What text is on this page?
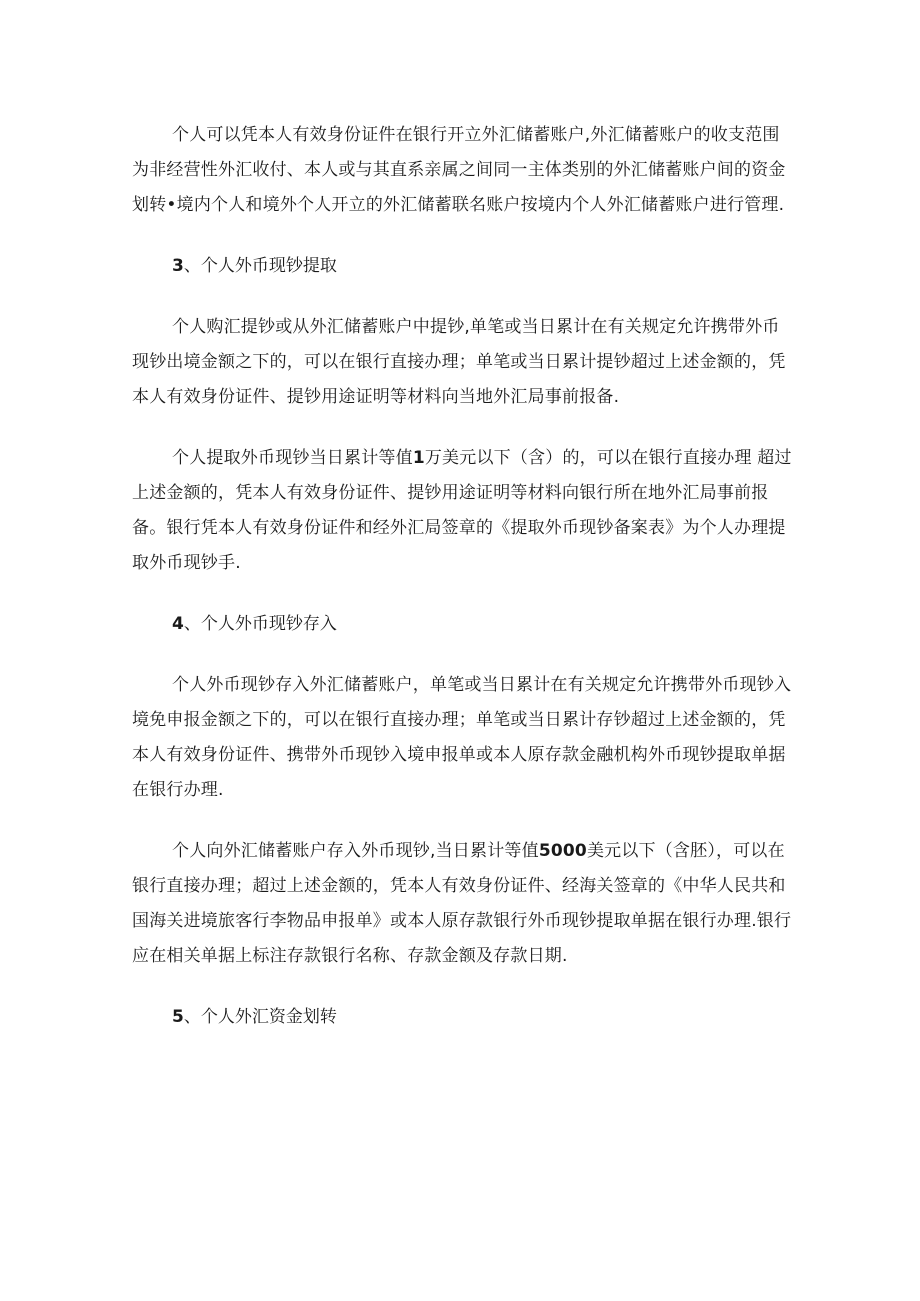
个人可以凭本人有效身份证件在银行开立外汇储蓄账户,外汇储蓄账户的收支范围为非经营性外汇收付、本人或与其直系亲属之间同一主体类别的外汇储蓄账户间的资金划转•境内个人和境外个人开立的外汇储蓄联名账户按境内个人外汇储蓄账户进行管理.

3、个人外币现钞提取

个人购汇提钞或从外汇储蓄账户中提钞,单笔或当日累计在有关规定允许携带外币现钞出境金额之下的，可以在银行直接办理；单笔或当日累计提钞超过上述金额的，凭本人有效身份证件、提钞用途证明等材料向当地外汇局事前报备.

个人提取外币现钞当日累计等值1万美元以下（含）的，可以在银行直接办理 超过上述金额的，凭本人有效身份证件、提钞用途证明等材料向银行所在地外汇局事前报备。银行凭本人有效身份证件和经外汇局签章的《提取外币现钞备案表》为个人办理提取外币现钞手.

4、个人外币现钞存入

个人外币现钞存入外汇储蓄账户，单笔或当日累计在有关规定允许携带外币现钞入境免申报金额之下的，可以在银行直接办理；单笔或当日累计存钞超过上述金额的，凭本人有效身份证件、携带外币现钞入境申报单或本人原存款金融机构外币现钞提取单据在银行办理.

个人向外汇储蓄账户存入外币现钞,当日累计等值5000美元以下（含胚），可以在银行直接办理；超过上述金额的，凭本人有效身份证件、经海关签章的《中华人民共和国海关进境旅客行李物品申报单》或本人原存款银行外币现钞提取单据在银行办理.银行应在相关单据上标注存款银行名称、存款金额及存款日期.

5、个人外汇资金划转
